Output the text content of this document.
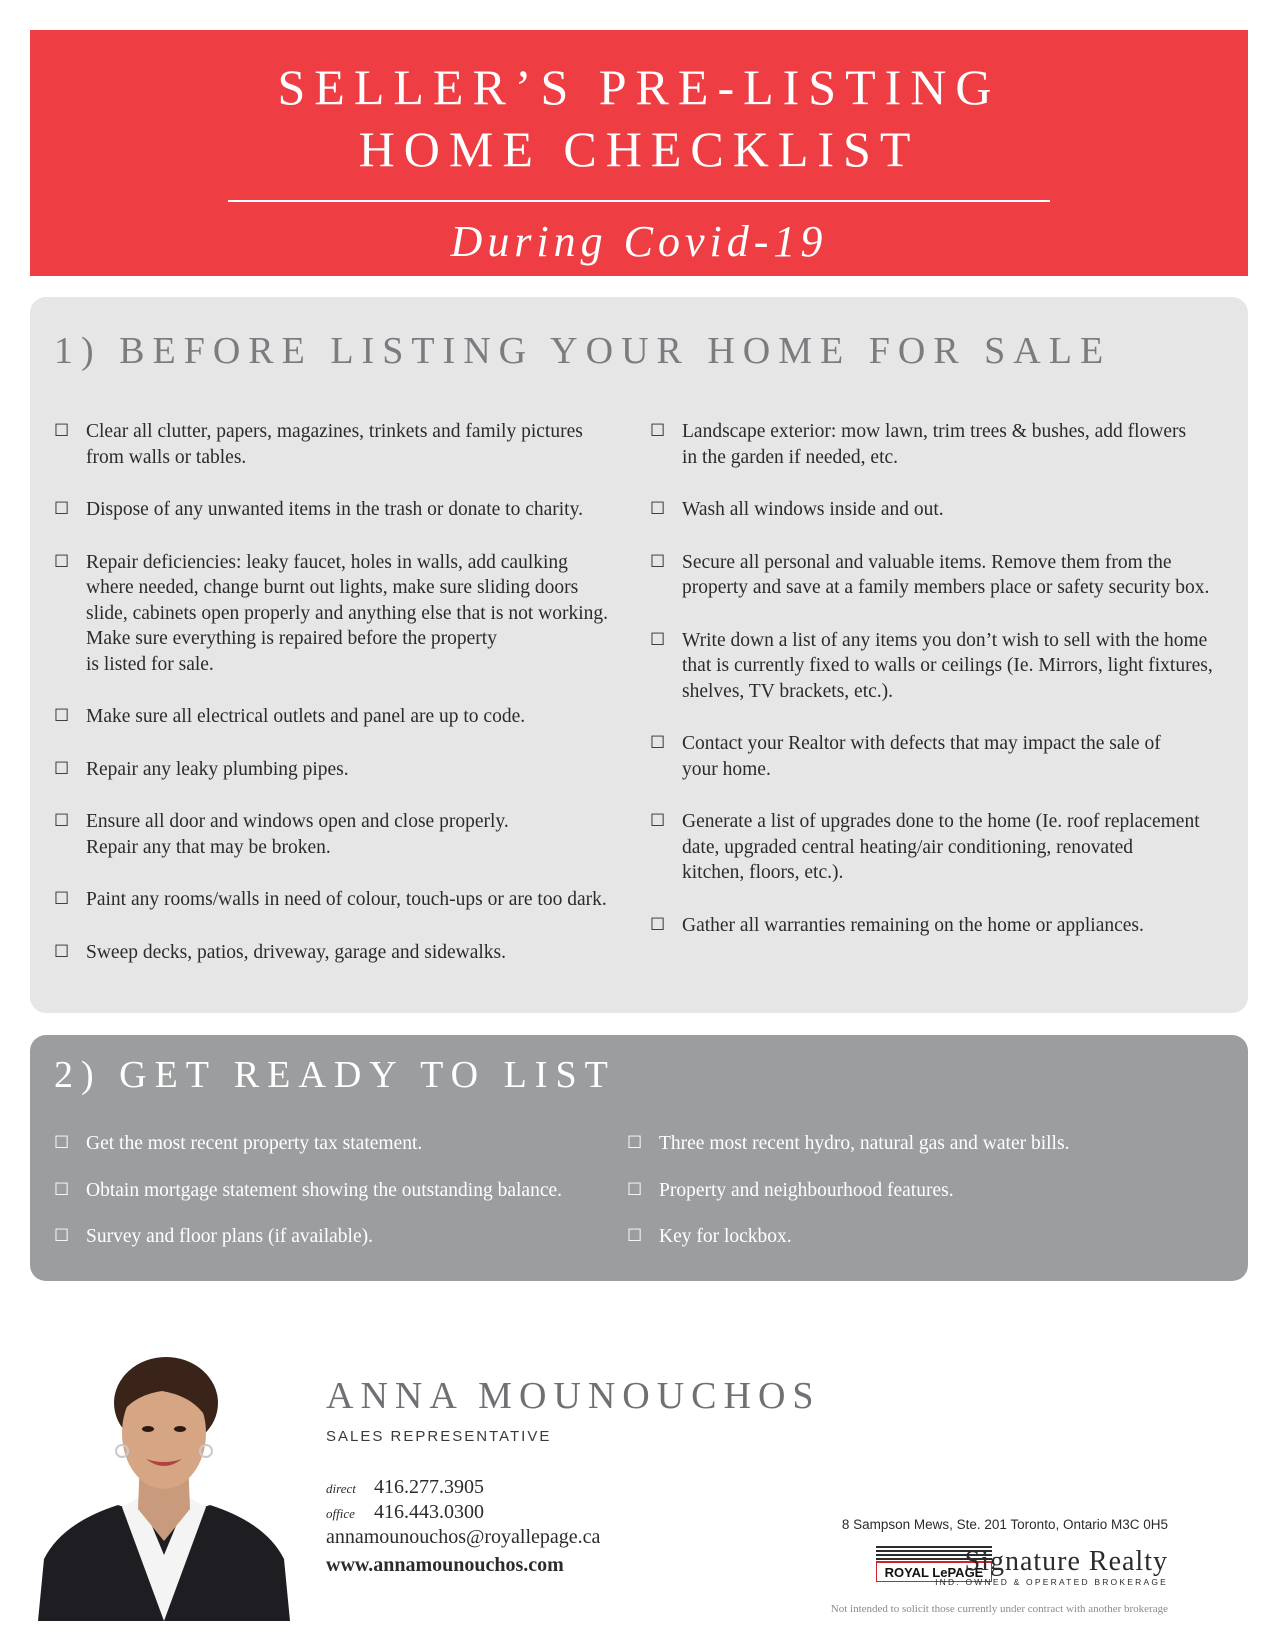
SELLER’S PRE-LISTING
HOME CHECKLIST
During Covid-19
1) BEFORE LISTING YOUR HOME FOR SALE
☐ Clear all clutter, papers, magazines, trinkets and family pictures
from walls or tables.
☐ Dispose of any unwanted items in the trash or donate to charity.
☐ Repair deficiencies: leaky faucet, holes in walls, add caulking
where needed, change burnt out lights, make sure sliding doors
slide, cabinets open properly and anything else that is not working.
Make sure everything is repaired before the property
is listed for sale.
☐ Make sure all electrical outlets and panel are up to code.
☐ Repair any leaky plumbing pipes.
☐ Ensure all door and windows open and close properly.
Repair any that may be broken.
☐ Paint any rooms/walls in need of colour, touch-ups or are too dark.
☐ Sweep decks, patios, driveway, garage and sidewalks.
☐ Landscape exterior: mow lawn, trim trees & bushes, add flowers
in the garden if needed, etc.
☐ Wash all windows inside and out.
☐ Secure all personal and valuable items. Remove them from the
property and save at a family members place or safety security box.
☐ Write down a list of any items you don’t wish to sell with the home
that is currently fixed to walls or ceilings (Ie. Mirrors, light fixtures,
shelves, TV brackets, etc.).
☐ Contact your Realtor with defects that may impact the sale of
your home.
☐ Generate a list of upgrades done to the home (Ie. roof replacement
date, upgraded central heating/air conditioning, renovated
kitchen, floors, etc.).
☐ Gather all warranties remaining on the home or appliances.
2) GET READY TO LIST
☐ Get the most recent property tax statement.
☐ Obtain mortgage statement showing the outstanding balance.
☐ Survey and floor plans (if available).
☐ Three most recent hydro, natural gas and water bills.
☐ Property and neighbourhood features.
☐ Key for lockbox.
ANNA MOUNOUCHOS
SALES REPRESENTATIVE
direct 416.277.3905
office 416.443.0300
annamounouchos@royallepage.ca
www.annamounouchos.com
8 Sampson Mews, Ste. 201 Toronto, Ontario M3C 0H5
ROYAL LePAGE
Signature Realty
IND. OWNED & OPERATED BROKERAGE
Not intended to solicit those currently under contract with another brokerage
